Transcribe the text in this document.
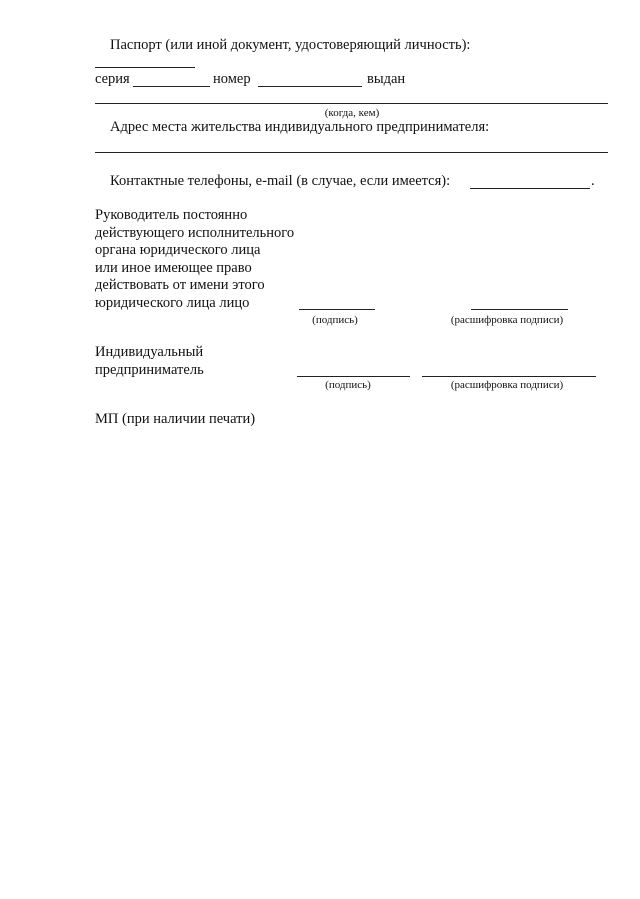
Паспорт (или иной документ, удостоверяющий личность):
серия	номер	выдан
(когда, кем)
Адрес места жительства индивидуального предпринимателя:
Контактные телефоны, e-mail (в случае, если имеется):	.
Руководитель постоянно
действующего исполнительного
органа юридического лица
или иное имеющее право
действовать от имени этого
юридического лица лицо
(подпись)	(расшифровка подписи)
Индивидуальный
предприниматель
(подпись)	(расшифровка подписи)
МП (при наличии печати)
